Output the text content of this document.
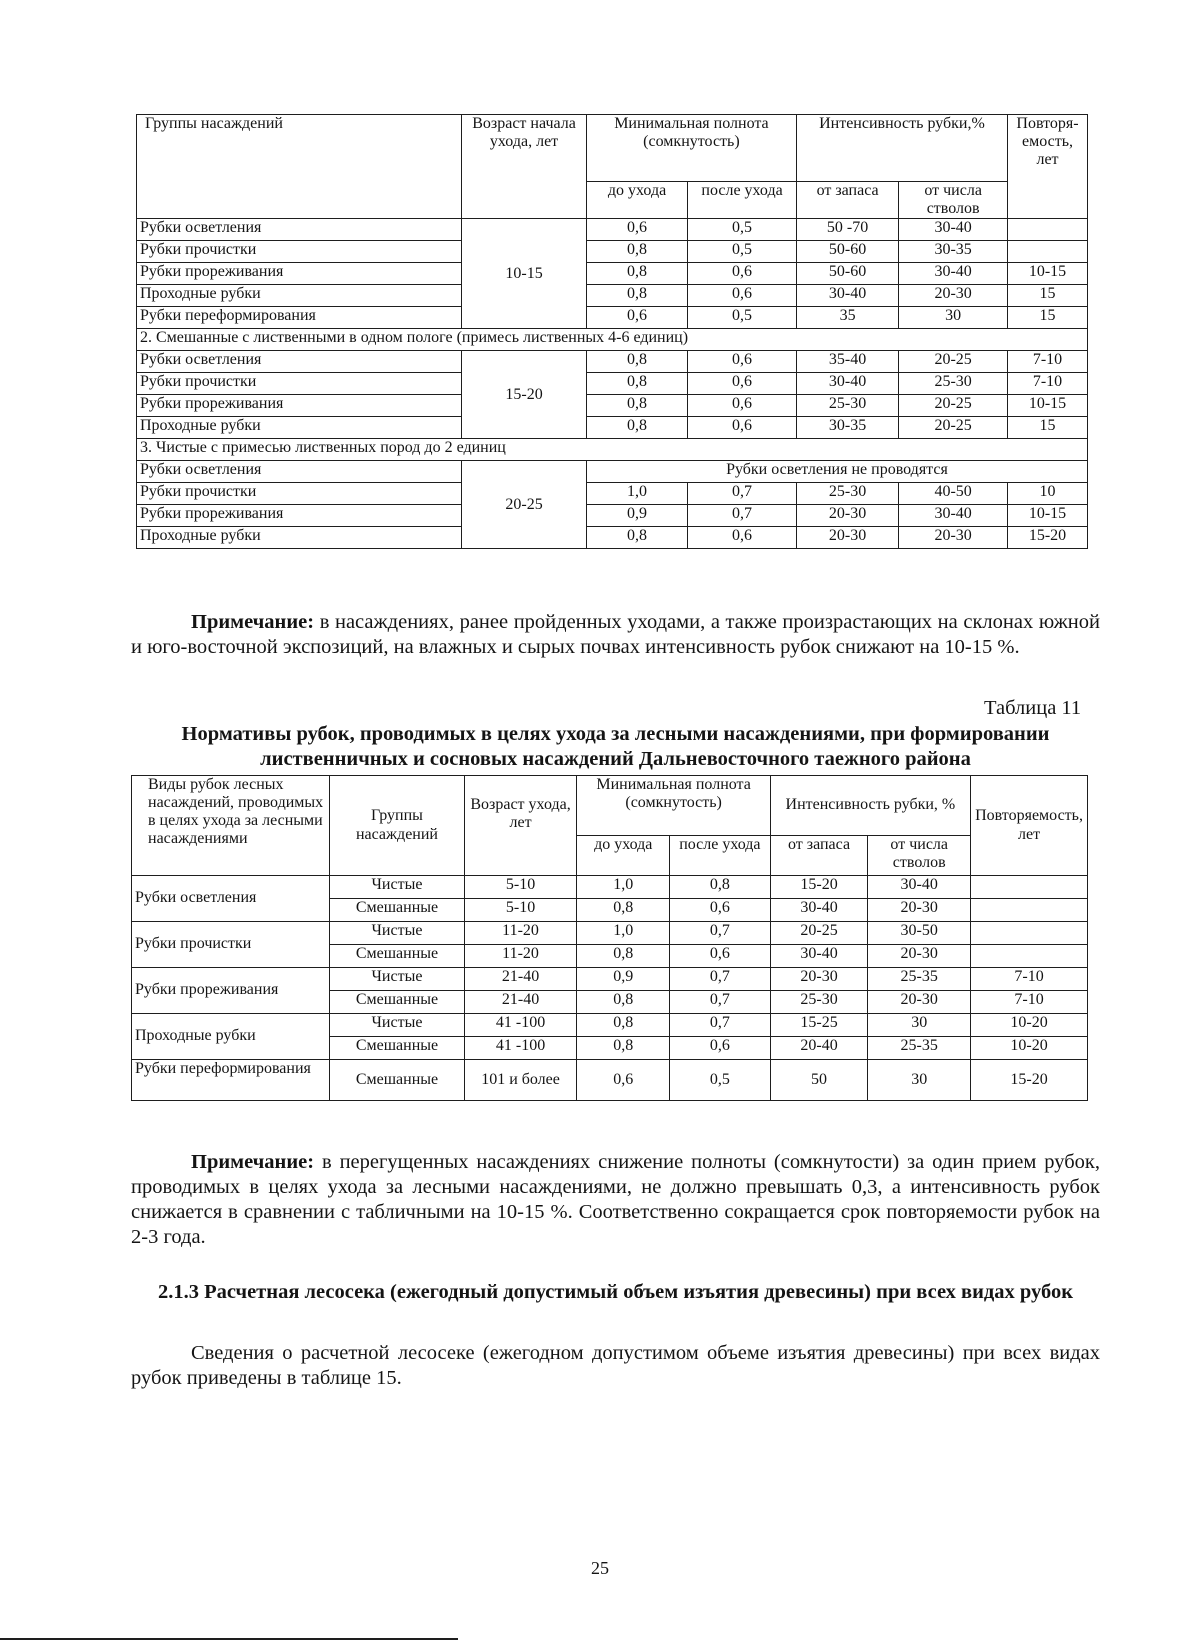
Группы насаждений	Возраст начала ухода, лет	Минимальная полнота (сомкнутость)		Интенсивность рубки,%		Повторя- емость, лет
		до ухода	после ухода	от запаса	от числа стволов	
Рубки осветления	10-15	0,6	0,5	50 -70	30-40	
Рубки прочистки		0,8	0,5	50-60	30-35	
Рубки прореживания		0,8	0,6	50-60	30-40	10-15
Проходные рубки		0,8	0,6	30-40	20-30	15
Рубки переформирования		0,6	0,5	35	30	15
2. Смешанные с лиственными в одном пологе (примесь лиственных 4-6 единиц)						
Рубки осветления	15-20	0,8	0,6	35-40	20-25	7-10
Рубки прочистки		0,8	0,6	30-40	25-30	7-10
Рубки прореживания		0,8	0,6	25-30	20-25	10-15
Проходные рубки		0,8	0,6	30-35	20-25	15
3. Чистые с примесью лиственных пород до 2 единиц						
Рубки осветления	20-25	Рубки осветления не проводятся				
Рубки прочистки		1,0	0,7	25-30	40-50	10
Рубки прореживания		0,9	0,7	20-30	30-40	10-15
Проходные рубки		0,8	0,6	20-30	20-30	15-20

Примечание: в насаждениях, ранее пройденных уходами, а также произрастающих на склонах южной и юго-восточной экспозиций, на влажных и сырых почвах интенсивность рубок снижают на 10-15 %.

Таблица 11
Нормативы рубок, проводимых в целях ухода за лесными насаждениями, при формировании лиственничных и сосновых насаждений Дальневосточного таежного района
Виды рубок лесных насаждений, проводимых в целях ухода за лесными насаждениями	Группы насаждений	Возраст ухода, лет	Минимальная полнота (сомкнутость)		Интенсивность рубки, %		Повторяемость, лет
			до ухода	после ухода	от запаса	от числа стволов	
Рубки осветления	Чистые	5-10	1,0	0,8	15-20	30-40	
	Смешанные	5-10	0,8	0,6	30-40	20-30	
Рубки прочистки	Чистые	11-20	1,0	0,7	20-25	30-50	
	Смешанные	11-20	0,8	0,6	30-40	20-30	
Рубки прореживания	Чистые	21-40	0,9	0,7	20-30	25-35	7-10
	Смешанные	21-40	0,8	0,7	25-30	20-30	7-10
Проходные рубки	Чистые	41 -100	0,8	0,7	15-25	30	10-20
	Смешанные	41 -100	0,8	0,6	20-40	25-35	10-20
Рубки переформирования	Смешанные	101 и более	0,6	0,5	50	30	15-20

Примечание: в перегущенных насаждениях снижение полноты (сомкнутости) за один прием рубок, проводимых в целях ухода за лесными насаждениями, не должно превышать 0,3, а интенсивность рубок снижается в сравнении с табличными на 10-15 %. Соответственно сокращается срок повторяемости рубок на 2-3 года.

2.1.3 Расчетная лесосека (ежегодный допустимый объем изъятия древесины) при всех видах рубок

Сведения о расчетной лесосеке (ежегодном допустимом объеме изъятия древесины) при всех видах рубок приведены в таблице 15.

25
